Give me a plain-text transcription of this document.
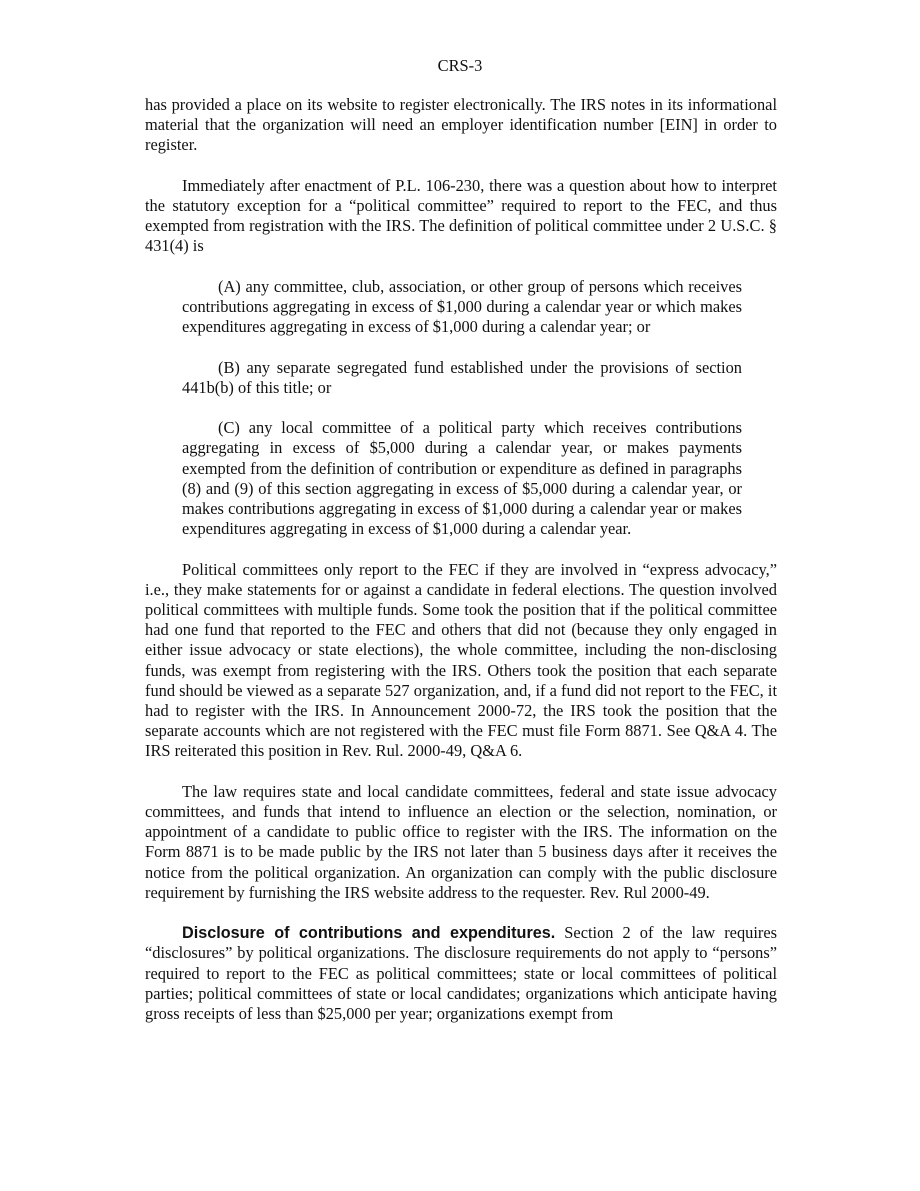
CRS-3

has provided a place on its website to register electronically. The IRS notes in its informational material that the organization will need an employer identification number [EIN] in order to register.

Immediately after enactment of P.L. 106-230, there was a question about how to interpret the statutory exception for a “political committee” required to report to the FEC, and thus exempted from registration with the IRS. The definition of political committee under 2 U.S.C. § 431(4) is

(A) any committee, club, association, or other group of persons which receives contributions aggregating in excess of $1,000 during a calendar year or which makes expenditures aggregating in excess of $1,000 during a calendar year; or

(B) any separate segregated fund established under the provisions of section 441b(b) of this title; or

(C) any local committee of a political party which receives contributions aggregating in excess of $5,000 during a calendar year, or makes payments exempted from the definition of contribution or expenditure as defined in paragraphs (8) and (9) of this section aggregating in excess of $5,000 during a calendar year, or makes contributions aggregating in excess of $1,000 during a calendar year or makes expenditures aggregating in excess of $1,000 during a calendar year.

Political committees only report to the FEC if they are involved in “express advocacy,” i.e., they make statements for or against a candidate in federal elections. The question involved political committees with multiple funds. Some took the position that if the political committee had one fund that reported to the FEC and others that did not (because they only engaged in either issue advocacy or state elections), the whole committee, including the non-disclosing funds, was exempt from registering with the IRS. Others took the position that each separate fund should be viewed as a separate 527 organization, and, if a fund did not report to the FEC, it had to register with the IRS. In Announcement 2000-72, the IRS took the position that the separate accounts which are not registered with the FEC must file Form 8871. See Q&A 4. The IRS reiterated this position in Rev. Rul. 2000-49, Q&A 6.

The law requires state and local candidate committees, federal and state issue advocacy committees, and funds that intend to influence an election or the selection, nomination, or appointment of a candidate to public office to register with the IRS. The information on the Form 8871 is to be made public by the IRS not later than 5 business days after it receives the notice from the political organization. An organization can comply with the public disclosure requirement by furnishing the IRS website address to the requester. Rev. Rul 2000-49.

Disclosure of contributions and expenditures. Section 2 of the law requires “disclosures” by political organizations. The disclosure requirements do not apply to “persons” required to report to the FEC as political committees; state or local committees of political parties; political committees of state or local candidates; organizations which anticipate having gross receipts of less than $25,000 per year; organizations exempt from
